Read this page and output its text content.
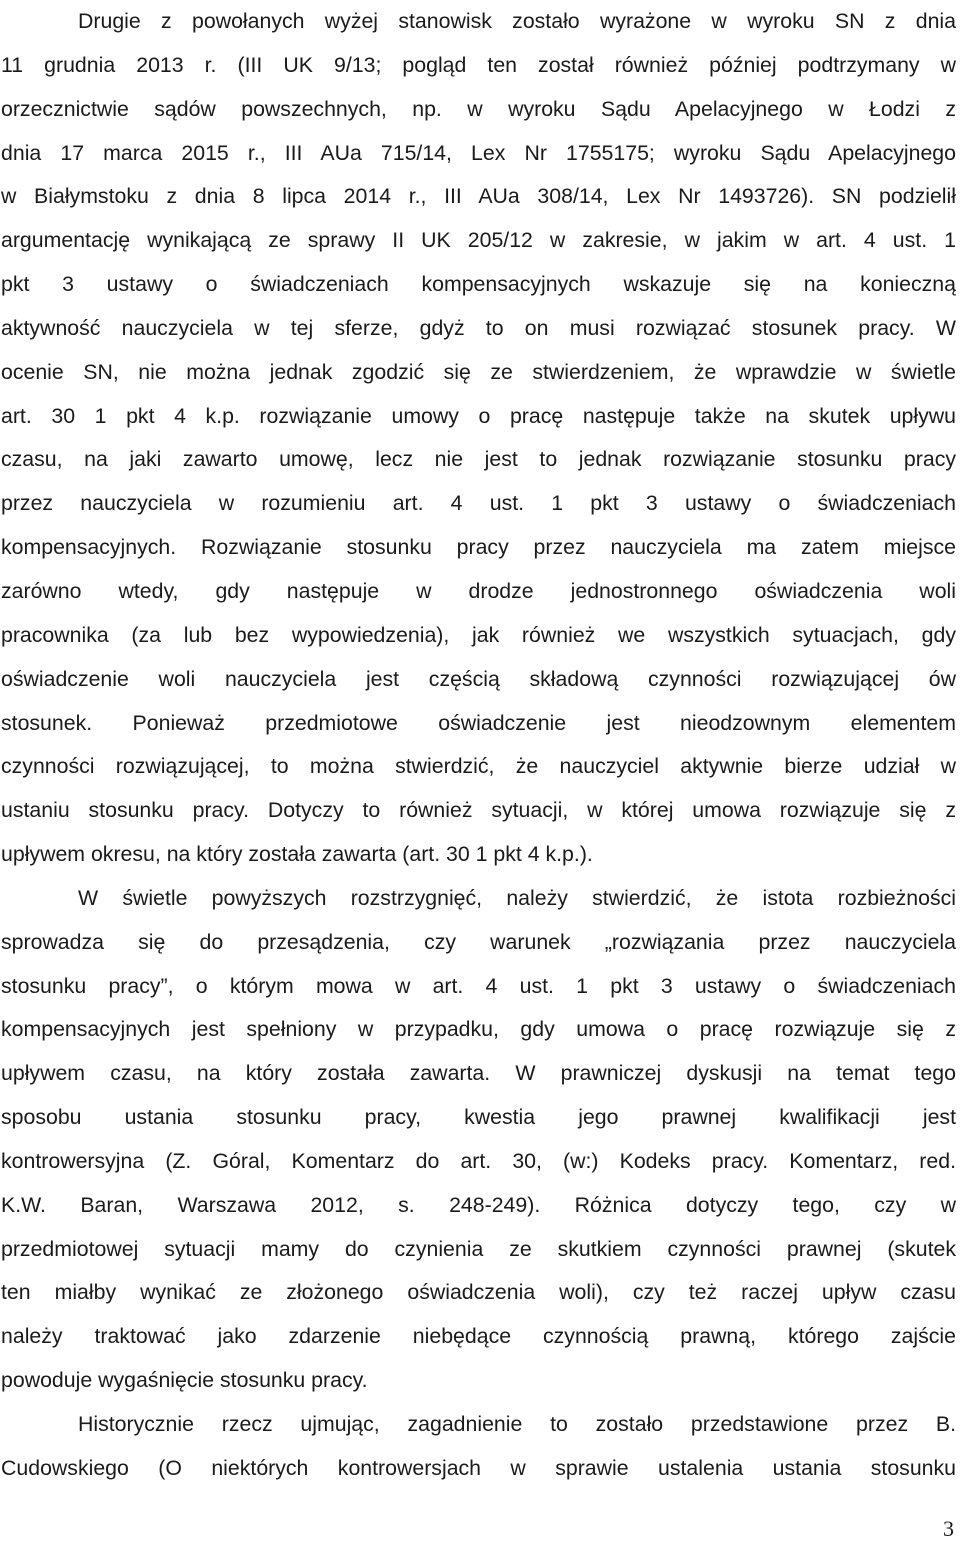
Drugie z powołanych wyżej stanowisk zostało wyrażone w wyroku SN z dnia
11 grudnia 2013 r. (III UK 9/13; pogląd ten został również później podtrzymany w
orzecznictwie sądów powszechnych, np. w wyroku Sądu Apelacyjnego w Łodzi z
dnia 17 marca 2015 r., III AUa 715/14, Lex Nr 1755175; wyroku Sądu Apelacyjnego
w Białymstoku z dnia 8 lipca 2014 r., III AUa 308/14, Lex Nr 1493726). SN podzielił
argumentację wynikającą ze sprawy II UK 205/12 w zakresie, w jakim w art. 4 ust. 1
pkt 3 ustawy o świadczeniach kompensacyjnych wskazuje się na konieczną
aktywność nauczyciela w tej sferze, gdyż to on musi rozwiązać stosunek pracy. W
ocenie SN, nie można jednak zgodzić się ze stwierdzeniem, że wprawdzie w świetle
art. 30 1 pkt 4 k.p. rozwiązanie umowy o pracę następuje także na skutek upływu
czasu, na jaki zawarto umowę, lecz nie jest to jednak rozwiązanie stosunku pracy
przez nauczyciela w rozumieniu art. 4 ust. 1 pkt 3 ustawy o świadczeniach
kompensacyjnych. Rozwiązanie stosunku pracy przez nauczyciela ma zatem miejsce
zarówno wtedy, gdy następuje w drodze jednostronnego oświadczenia woli
pracownika (za lub bez wypowiedzenia), jak również we wszystkich sytuacjach, gdy
oświadczenie woli nauczyciela jest częścią składową czynności rozwiązującej ów
stosunek. Ponieważ przedmiotowe oświadczenie jest nieodzownym elementem
czynności rozwiązującej, to można stwierdzić, że nauczyciel aktywnie bierze udział w
ustaniu stosunku pracy. Dotyczy to również sytuacji, w której umowa rozwiązuje się z
upływem okresu, na który została zawarta (art. 30 1 pkt 4 k.p.).
W świetle powyższych rozstrzygnięć, należy stwierdzić, że istota rozbieżności
sprowadza się do przesądzenia, czy warunek „rozwiązania przez nauczyciela
stosunku pracy”, o którym mowa w art. 4 ust. 1 pkt 3 ustawy o świadczeniach
kompensacyjnych jest spełniony w przypadku, gdy umowa o pracę rozwiązuje się z
upływem czasu, na który została zawarta. W prawniczej dyskusji na temat tego
sposobu ustania stosunku pracy, kwestia jego prawnej kwalifikacji jest
kontrowersyjna (Z. Góral, Komentarz do art. 30, (w:) Kodeks pracy. Komentarz, red.
K.W. Baran, Warszawa 2012, s. 248-249). Różnica dotyczy tego, czy w
przedmiotowej sytuacji mamy do czynienia ze skutkiem czynności prawnej (skutek
ten miałby wynikać ze złożonego oświadczenia woli), czy też raczej upływ czasu
należy traktować jako zdarzenie niebędące czynnością prawną, którego zajście
powoduje wygaśnięcie stosunku pracy.
Historycznie rzecz ujmując, zagadnienie to zostało przedstawione przez B.
Cudowskiego (O niektórych kontrowersjach w sprawie ustalenia ustania stosunku
3
